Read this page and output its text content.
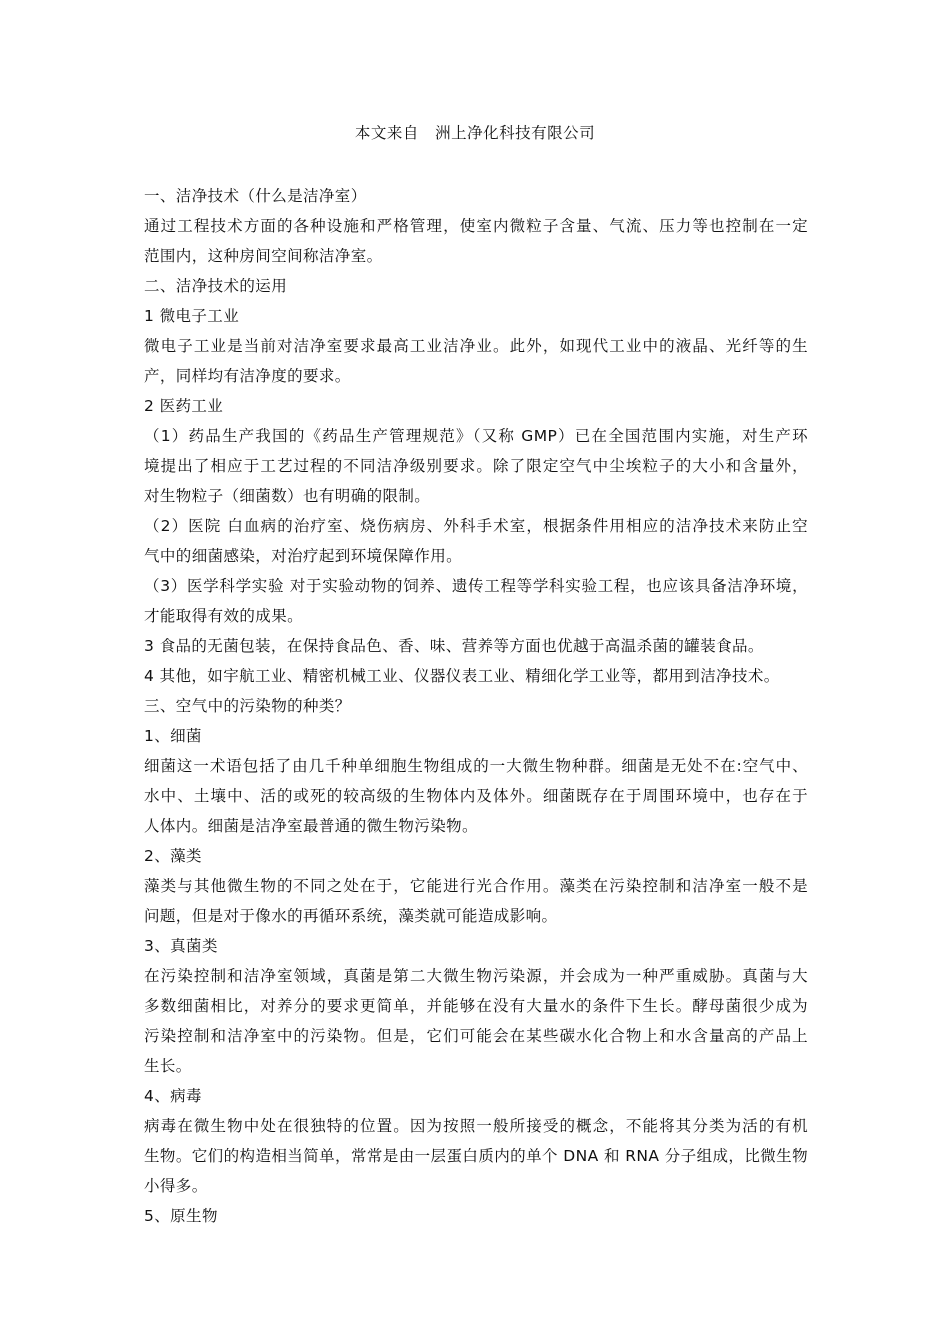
本文来自   洲上净化科技有限公司
一、洁净技术（什么是洁净室）
通过工程技术方面的各种设施和严格管理，使室内微粒子含量、气流、压力等也控制在一定
范围内，这种房间空间称洁净室。
二、洁净技术的运用
1 微电子工业
微电子工业是当前对洁净室要求最高工业洁净业。此外，如现代工业中的液晶、光纤等的生
产，同样均有洁净度的要求。
2 医药工业
（1）药品生产我国的《药品生产管理规范》（又称 GMP）已在全国范围内实施，对生产环
境提出了相应于工艺过程的不同洁净级别要求。除了限定空气中尘埃粒子的大小和含量外，
对生物粒子（细菌数）也有明确的限制。
（2）医院 白血病的治疗室、烧伤病房、外科手术室，根据条件用相应的洁净技术来防止空
气中的细菌感染，对治疗起到环境保障作用。
（3）医学科学实验 对于实验动物的饲养、遗传工程等学科实验工程，也应该具备洁净环境，
才能取得有效的成果。
3 食品的无菌包装，在保持食品色、香、味、营养等方面也优越于高温杀菌的罐装食品。
4 其他，如宇航工业、精密机械工业、仪器仪表工业、精细化学工业等，都用到洁净技术。
三、空气中的污染物的种类？
1、细菌
细菌这一术语包括了由几千种单细胞生物组成的一大微生物种群。细菌是无处不在:空气中、
水中、土壤中、活的或死的较高级的生物体内及体外。细菌既存在于周围环境中，也存在于
人体内。细菌是洁净室最普通的微生物污染物。
2、藻类
藻类与其他微生物的不同之处在于，它能进行光合作用。藻类在污染控制和洁净室一般不是
问题，但是对于像水的再循环系统，藻类就可能造成影响。
3、真菌类
在污染控制和洁净室领域，真菌是第二大微生物污染源，并会成为一种严重威胁。真菌与大
多数细菌相比，对养分的要求更简单，并能够在没有大量水的条件下生长。酵母菌很少成为
污染控制和洁净室中的污染物。但是，它们可能会在某些碳水化合物上和水含量高的产品上
生长。
4、病毒
病毒在微生物中处在很独特的位置。因为按照一般所接受的概念，不能将其分类为活的有机
生物。它们的构造相当简单，常常是由一层蛋白质内的单个 DNA 和 RNA 分子组成，比微生物
小得多。
5、原生物
